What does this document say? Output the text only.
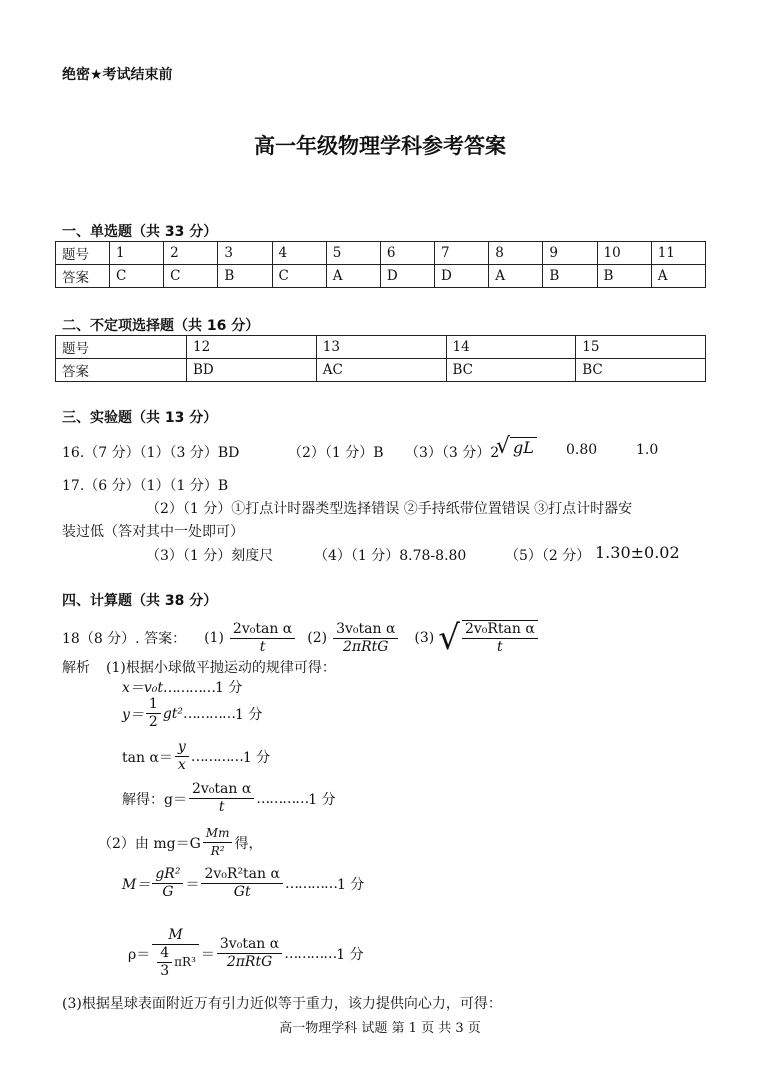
绝密★考试结束前
高一年级物理学科参考答案
一、单选题（共 33 分）
题号	1	2	3	4	5	6	7	8	9	10	11
答案	C	C	B	C	A	D	D	A	B	B	A
二、不定项选择题（共 16 分）
题号	12	13	14	15
答案	BD	AC	BC	BC
三、实验题（共 13 分）
16.（7 分）（1）（3 分）BD	（2）（1 分）B （3）（3 分）2
√ gL 0.80	1.0
17.（6 分）（1）（1 分）B
（2）（1 分）①打点计时器类型选择错误 ②手持纸带位置错误 ③打点计时器安
装过低（答对其中一处即可）
（3）（1 分）刻度尺	（4）（1 分）8.78-8.80	（5）（2 分） 1.30±0.02
四、计算题（共 38 分）
18（8 分）. 答案： $(1) \frac{\text{2v₀tan α}}{t} (2) \frac{\text{3v₀tan α}}{\text{2πRtG}} (3)$ √ $\frac{\text{2v₀Rtan α}}{t}$
解析 (1)根据小球做平抛运动的规律可得：
x＝v₀t…………1 分
$y= \frac{1}{2} gt^2$ ………… 1 分
$\tan \alpha= \frac{y}{x}$ ………… 1 分
解得：$g= \frac{\text{2v₀tan α}}{t}$ ………… 1 分
（2）由 $mg=G \frac{Mm}{\text{R²}}$ 得，
$M= \frac{\text{gR²}}{G} = \frac{\text{2v₀R²tan α}}{Gt}$ ………… 1 分
$\rho= \frac{M}{\frac{4}{3} \pi R^3} = \frac{\text{3v₀tan α}}{\text{2πRtG}}$ ………… 1 分
(3)根据星球表面附近万有引力近似等于重力，该力提供向心力，可得：
高一物理学科 试题 第 1 页 共 3 页
